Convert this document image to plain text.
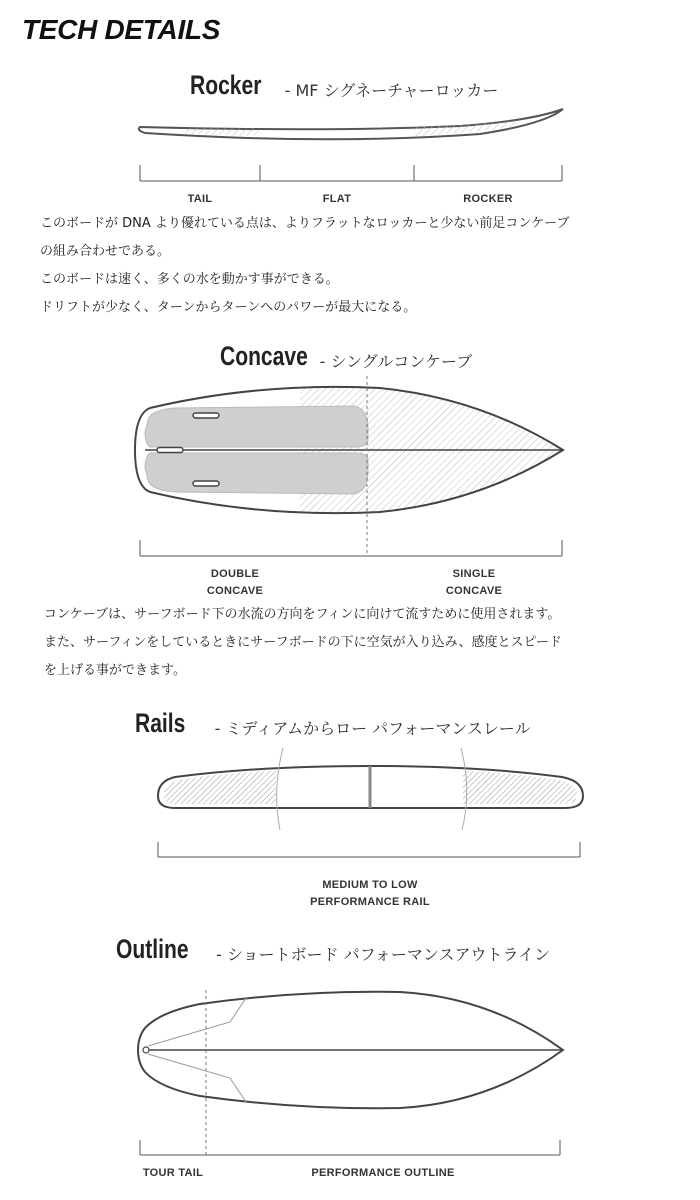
TECH DETAILS
Rocker - MF シグネーチャーロッカー
TAIL	FLAT	ROCKER
このボードが DNA より優れている点は、よりフラットなロッカーと少ない前足コンケーブ
の組み合わせである。
このボードは速く、多くの水を動かす事ができる。
ドリフトが少なく、ターンからターンへのパワーが最大になる。
Concave - シングルコンケーブ
DOUBLE
CONCAVE
SINGLE
CONCAVE
コンケーブは、サーフボード下の水流の方向をフィンに向けて流すために使用されます。
また、サーフィンをしているときにサーフボードの下に空気が入り込み、感度とスピード
を上げる事ができます。
Rails - ミディアムからロー パフォーマンスレール
MEDIUM TO LOW
PERFORMANCE RAIL
Outline - ショートボード パフォーマンスアウトライン
TOUR TAIL	PERFORMANCE OUTLINE
